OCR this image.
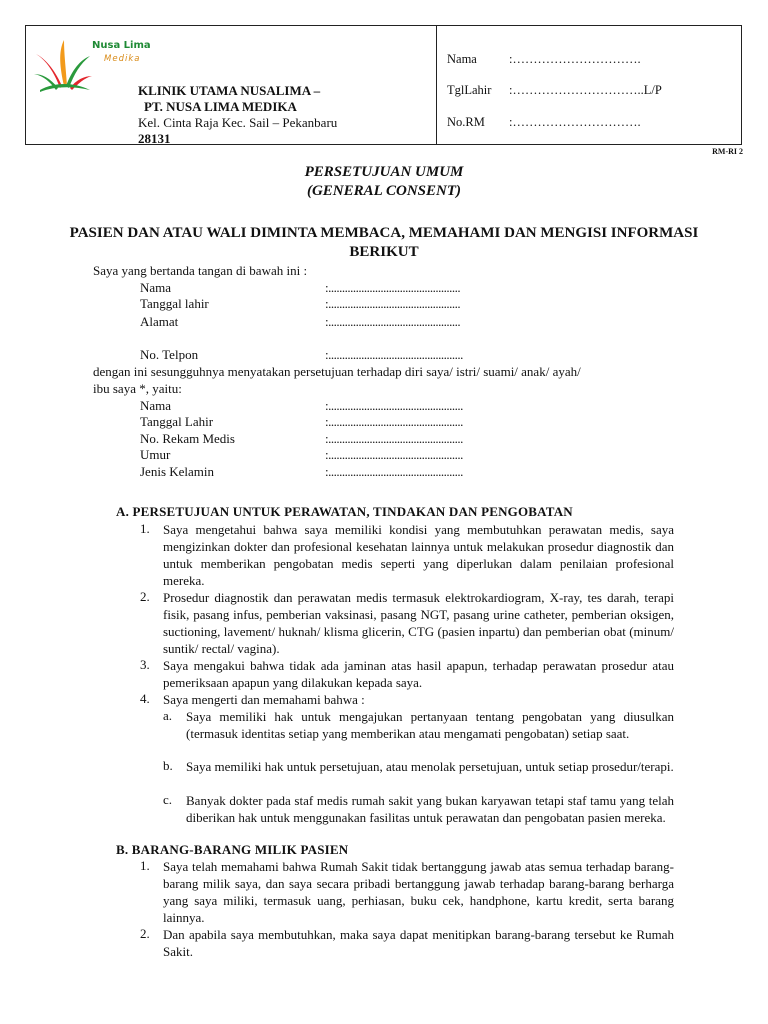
Nusa Lima
Medika
KLINIK UTAMA NUSALIMA –
PT. NUSA LIMA MEDIKA
Kel. Cinta Raja Kec. Sail – Pekanbaru
28131
Nama	:………………………….
TglLahir :…………………………..L/P
No.RM :………………………….
RM-RI 2
PERSETUJUAN UMUM
(GENERAL CONSENT)
PASIEN DAN ATAU WALI DIMINTA MEMBACA, MEMAHAMI DAN MENGISI INFORMASI BERIKUT
Saya yang bertanda tangan di bawah ini :
Nama	:................................................
Tanggal lahir	:................................................
Alamat	:................................................
No. Telpon	:.................................................
dengan ini sesungguhnya menyatakan persetujuan terhadap diri saya/ istri/ suami/ anak/ ayah/
ibu saya *, yaitu:
Nama	:.................................................
Tanggal Lahir	:.................................................
No. Rekam Medis	:.................................................
Umur	:.................................................
Jenis Kelamin	:.................................................
A. PERSETUJUAN UNTUK PERAWATAN, TINDAKAN DAN PENGOBATAN
1. Saya mengetahui bahwa saya memiliki kondisi yang membutuhkan perawatan medis, saya mengizinkan dokter dan profesional kesehatan lainnya untuk melakukan prosedur diagnostik dan untuk memberikan pengobatan medis seperti yang diperlukan dalam penilaian profesional mereka.
2. Prosedur diagnostik dan perawatan medis termasuk elektrokardiogram, X-ray, tes darah, terapi fisik, pasang infus, pemberian vaksinasi, pasang NGT, pasang urine catheter, pemberian oksigen, suctioning, lavement/ huknah/ klisma glicerin, CTG (pasien inpartu) dan pemberian obat (minum/ suntik/ rectal/ vagina).
3. Saya mengakui bahwa tidak ada jaminan atas hasil apapun, terhadap perawatan prosedur atau pemeriksaan apapun yang dilakukan kepada saya.
4. Saya mengerti dan memahami bahwa :
a. Saya memiliki hak untuk mengajukan pertanyaan tentang pengobatan yang diusulkan (termasuk identitas setiap yang memberikan atau mengamati pengobatan) setiap saat.
b. Saya memiliki hak untuk persetujuan, atau menolak persetujuan, untuk setiap prosedur/terapi.
c. Banyak dokter pada staf medis rumah sakit yang bukan karyawan tetapi staf tamu yang telah diberikan hak untuk menggunakan fasilitas untuk perawatan dan pengobatan pasien mereka.
B. BARANG-BARANG MILIK PASIEN
1. Saya telah memahami bahwa Rumah Sakit tidak bertanggung jawab atas semua terhadap barang-barang milik saya, dan saya secara pribadi bertanggung jawab terhadap barang-barang berharga yang saya miliki, termasuk uang, perhiasan, buku cek, handphone, kartu kredit, serta barang lainnya.
2. Dan apabila saya membutuhkan, maka saya dapat menitipkan barang-barang tersebut ke Rumah Sakit.
